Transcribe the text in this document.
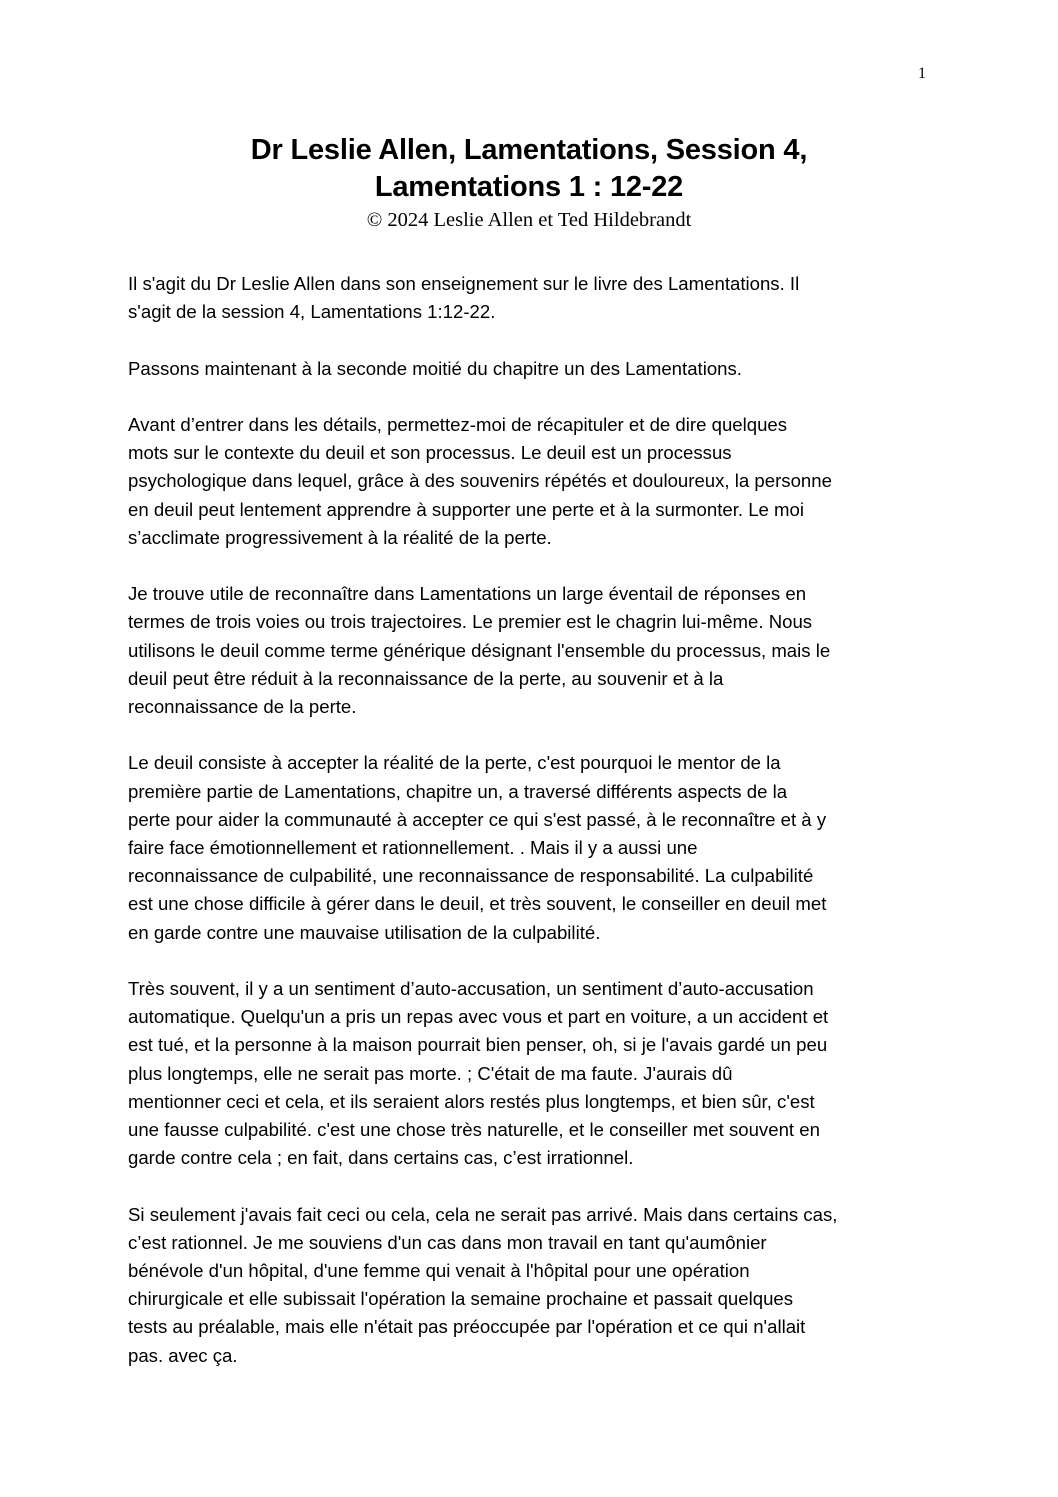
1
Dr Leslie Allen, Lamentations, Session 4,
Lamentations 1 : 12-22
© 2024 Leslie Allen et Ted Hildebrandt
Il s'agit du Dr Leslie Allen dans son enseignement sur le livre des Lamentations. Il
s'agit de la session 4, Lamentations 1:12-22.
Passons maintenant à la seconde moitié du chapitre un des Lamentations.
Avant d’entrer dans les détails, permettez-moi de récapituler et de dire quelques
mots sur le contexte du deuil et son processus. Le deuil est un processus
psychologique dans lequel, grâce à des souvenirs répétés et douloureux, la personne
en deuil peut lentement apprendre à supporter une perte et à la surmonter. Le moi
s’acclimate progressivement à la réalité de la perte.
Je trouve utile de reconnaître dans Lamentations un large éventail de réponses en
termes de trois voies ou trois trajectoires. Le premier est le chagrin lui-même. Nous
utilisons le deuil comme terme générique désignant l'ensemble du processus, mais le
deuil peut être réduit à la reconnaissance de la perte, au souvenir et à la
reconnaissance de la perte.
Le deuil consiste à accepter la réalité de la perte, c'est pourquoi le mentor de la
première partie de Lamentations, chapitre un, a traversé différents aspects de la
perte pour aider la communauté à accepter ce qui s'est passé, à le reconnaître et à y
faire face émotionnellement et rationnellement. . Mais il y a aussi une
reconnaissance de culpabilité, une reconnaissance de responsabilité. La culpabilité
est une chose difficile à gérer dans le deuil, et très souvent, le conseiller en deuil met
en garde contre une mauvaise utilisation de la culpabilité.
Très souvent, il y a un sentiment d’auto-accusation, un sentiment d’auto-accusation
automatique. Quelqu'un a pris un repas avec vous et part en voiture, a un accident et
est tué, et la personne à la maison pourrait bien penser, oh, si je l'avais gardé un peu
plus longtemps, elle ne serait pas morte. ; C'était de ma faute. J'aurais dû
mentionner ceci et cela, et ils seraient alors restés plus longtemps, et bien sûr, c'est
une fausse culpabilité. c'est une chose très naturelle, et le conseiller met souvent en
garde contre cela ; en fait, dans certains cas, c’est irrationnel.
Si seulement j'avais fait ceci ou cela, cela ne serait pas arrivé. Mais dans certains cas,
c’est rationnel. Je me souviens d'un cas dans mon travail en tant qu'aumônier
bénévole d'un hôpital, d'une femme qui venait à l'hôpital pour une opération
chirurgicale et elle subissait l'opération la semaine prochaine et passait quelques
tests au préalable, mais elle n'était pas préoccupée par l'opération et ce qui n'allait
pas. avec ça.
